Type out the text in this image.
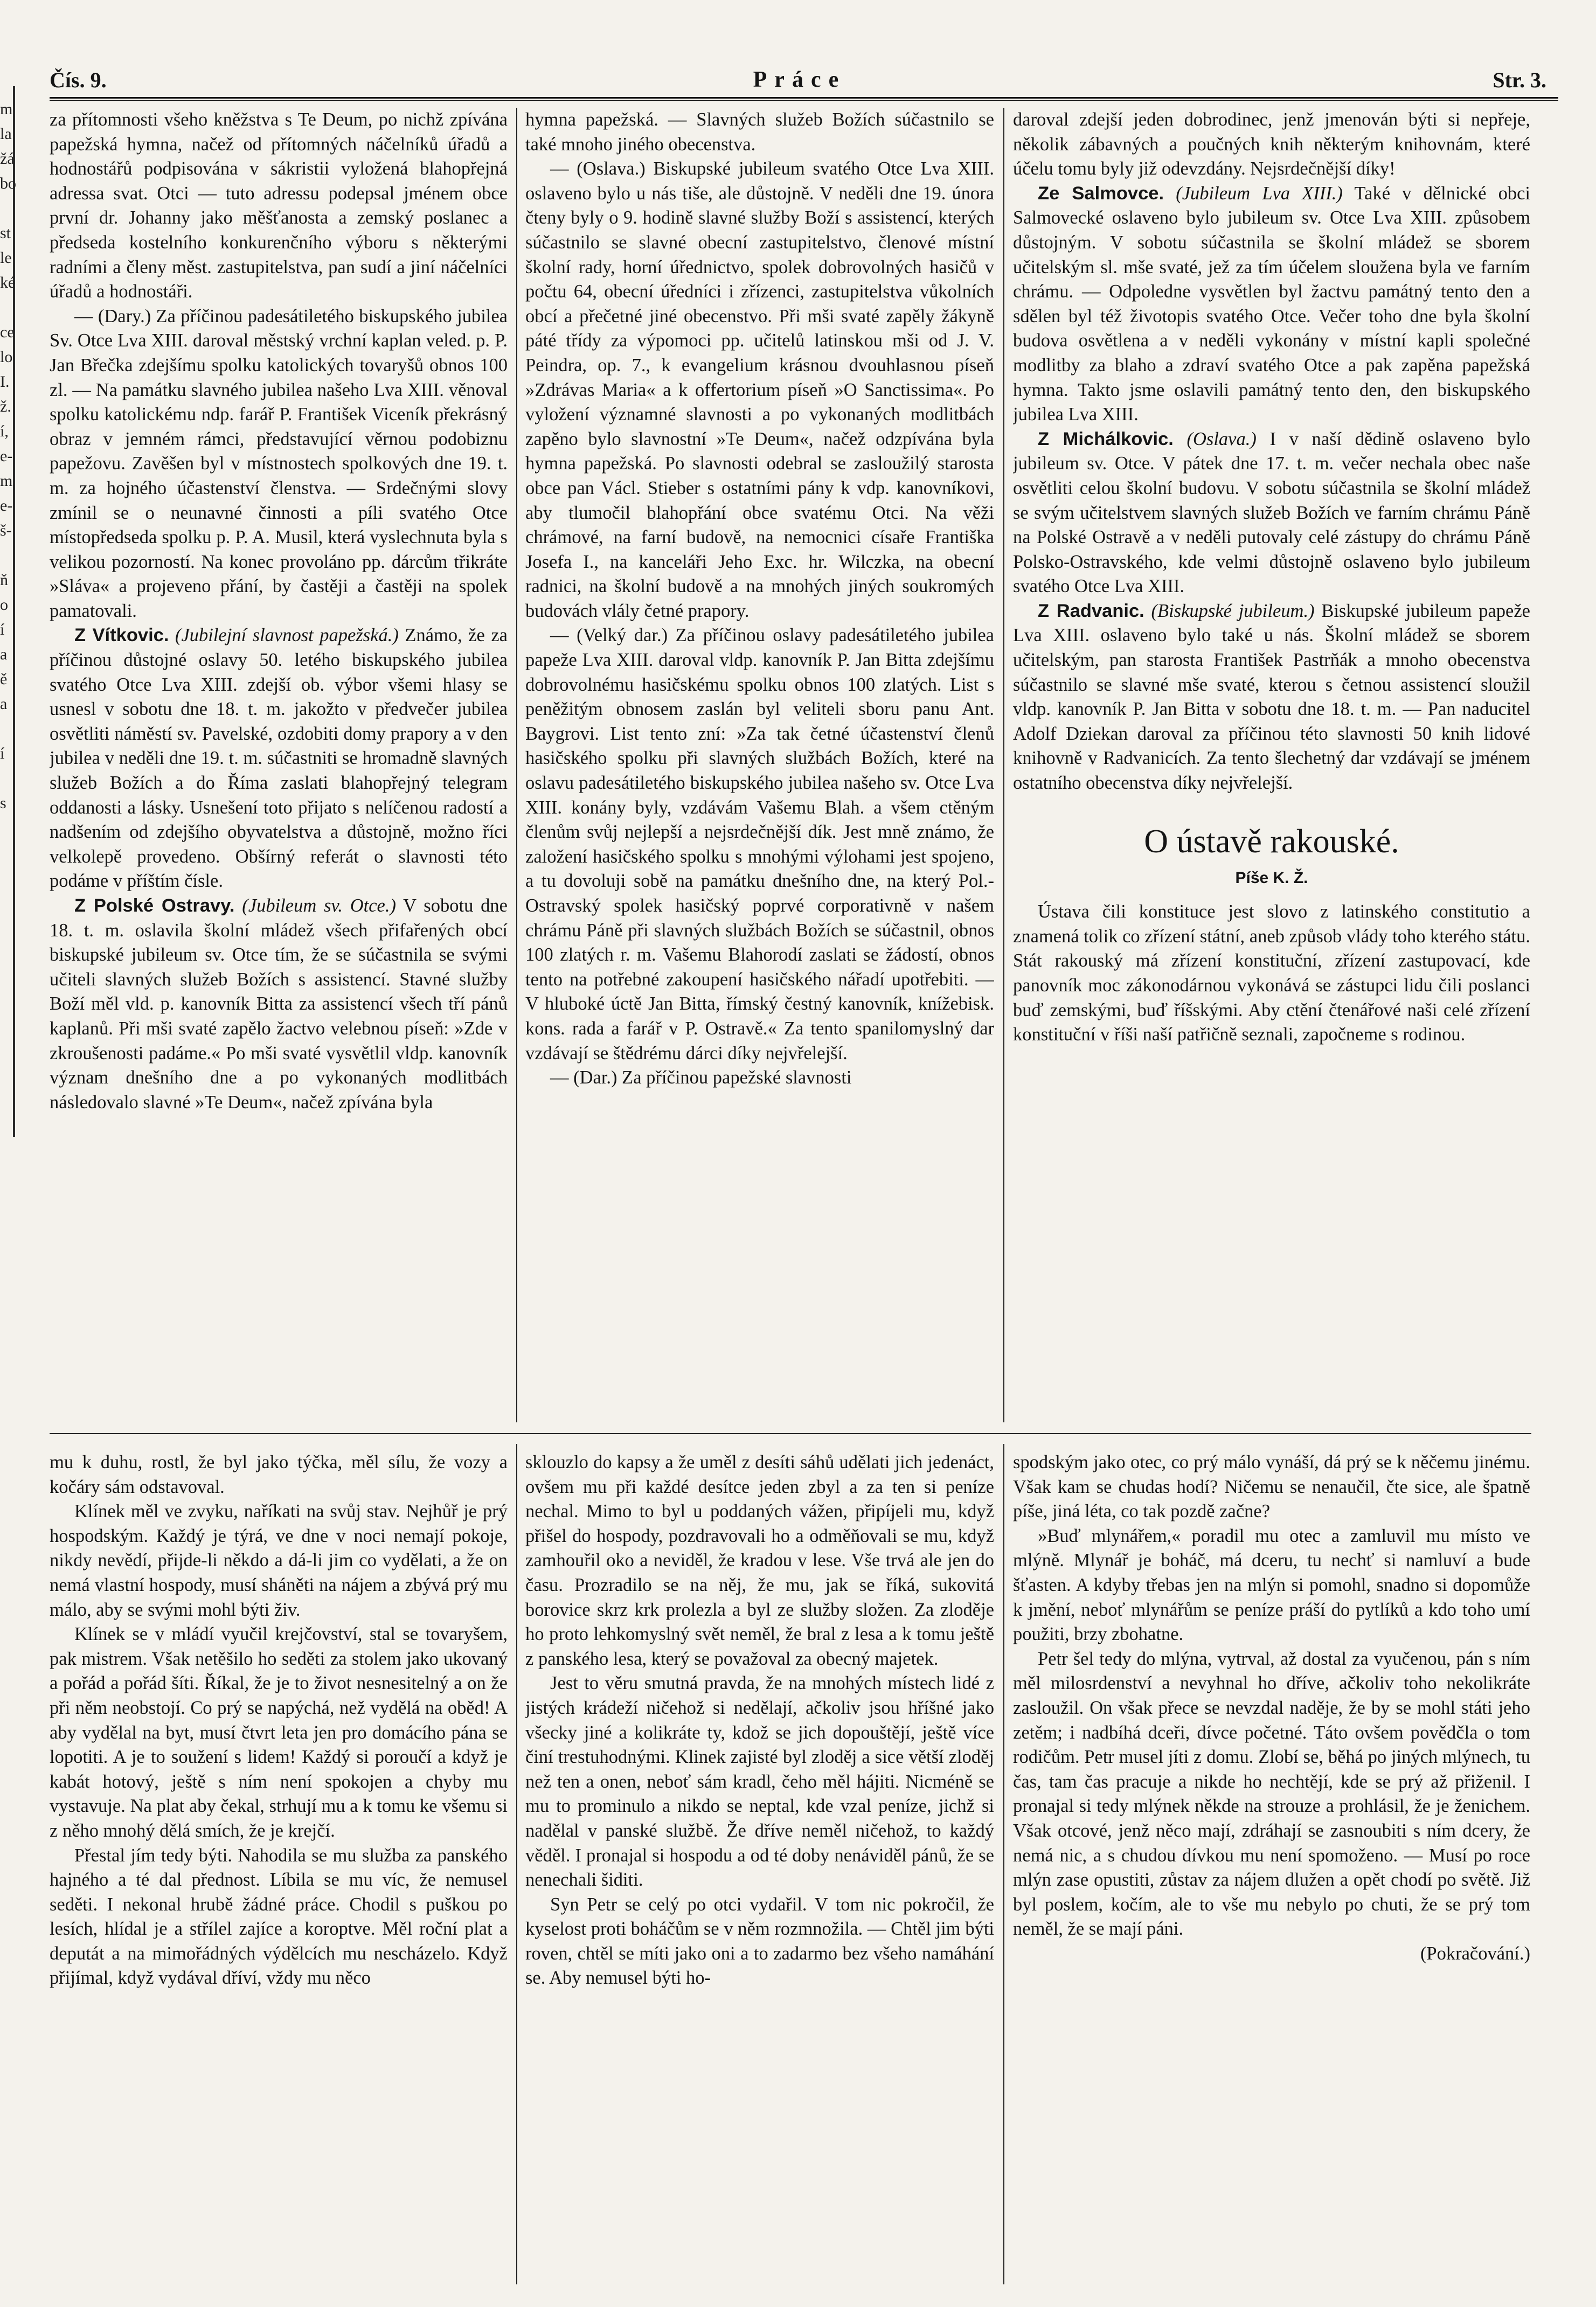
m
la
žá
bo
st
le
ké
ce
lo
I.
ž.
í,
e-
m
e-
š-
ň
o
í
a
ě
a
í
s
Čís. 9.	Práce	Str. 3.

za přítomnosti všeho kněžstva s Te Deum, po nichž zpívána papežská hymna, načež od přítomných náčelníků úřadů a hodnostářů podpisována v sákristii vyložená blahopřejná adressa svat. Otci — tuto adressu podepsal jménem obce první dr. Johanny jako měšťanosta a zemský poslanec a předseda kostelního konkurenčního výboru s některými radními a členy měst. zastupitelstva, pan sudí a jiní náčelníci úřadů a hodnostáři.

— (Dary.) Za příčinou padesátiletého biskupského jubilea Sv. Otce Lva XIII. daroval městský vrchní kaplan veled. p. P. Jan Břečka zdejšímu spolku katolických tovaryšů obnos 100 zl. — Na památku slavného jubilea našeho Lva XIII. věnoval spolku katolickému ndp. farář P. František Viceník překrásný obraz v jemném rámci, představující věrnou podobiznu papežovu. Zavěšen byl v místnostech spolkových dne 19. t. m. za hojného účastenství členstva. — Srdečnými slovy zmínil se o neunavné činnosti a píli svatého Otce místopředseda spolku p. P. A. Musil, která vyslechnuta byla s velikou pozorností. Na konec provoláno pp. dárcům třikráte »Sláva« a projeveno přání, by častěji a častěji na spolek pamatovali.

Z Vítkovic. (Jubilejní slavnost papežská.) Známo, že za příčinou důstojné oslavy 50. letého biskupského jubilea svatého Otce Lva XIII. zdejší ob. výbor všemi hlasy se usnesl v sobotu dne 18. t. m. jakožto v předvečer jubilea osvětliti náměstí sv. Pavelské, ozdobiti domy prapory a v den jubilea v neděli dne 19. t. m. súčastniti se hromadně slavných služeb Božích a do Říma zaslati blahopřejný telegram oddanosti a lásky. Usnešení toto přijato s nelíčenou radostí a nadšením od zdejšího obyvatelstva a důstojně, možno říci velkolepě provedeno. Obšírný referát o slavnosti této podáme v příštím čísle.

Z Polské Ostravy. (Jubileum sv. Otce.) V sobotu dne 18. t. m. oslavila školní mládež všech přifařených obcí biskupské jubileum sv. Otce tím, že se súčastnila se svými učiteli slavných služeb Božích s assistencí. Stavné služby Boží měl vld. p. kanovník Bitta za assistencí všech tří pánů kaplanů. Při mši svaté zapělo žactvo velebnou píseň: »Zde v zkroušenosti padáme.« Po mši svaté vysvětlil vldp. kanovník význam dnešního dne a po vykonaných modlitbách následovalo slavné »Te Deum«, načež zpívána byla

hymna papežská. — Slavných služeb Božích súčastnilo se také mnoho jiného obecenstva.

— (Oslava.) Biskupské jubileum svatého Otce Lva XIII. oslaveno bylo u nás tiše, ale důstojně. V neděli dne 19. února čteny byly o 9. hodině slavné služby Boží s assistencí, kterých súčastnilo se slavné obecní zastupitelstvo, členové místní školní rady, horní úřednictvo, spolek dobrovolných hasičů v počtu 64, obecní úředníci i zřízenci, zastupitelstva vůkolních obcí a přečetné jiné obecenstvo. Při mši svaté zapěly žákyně páté třídy za výpomoci pp. učitelů latinskou mši od J. V. Peindra, op. 7., k evangelium krásnou dvouhlasnou píseň »Zdrávas Maria« a k offertorium píseň »O Sanctissima«. Po vyložení významné slavnosti a po vykonaných modlitbách zapěno bylo slavnostní »Te Deum«, načež odzpívána byla hymna papežská. Po slavnosti odebral se zasloužilý starosta obce pan Václ. Stieber s ostatními pány k vdp. kanovníkovi, aby tlumočil blahopřání obce svatému Otci. Na věži chrámové, na farní budově, na nemocnici císaře Františka Josefa I., na kanceláři Jeho Exc. hr. Wilczka, na obecní radnici, na školní budově a na mnohých jiných soukromých budovách vlály četné prapory.

— (Velký dar.) Za příčinou oslavy padesátiletého jubilea papeže Lva XIII. daroval vldp. kanovník P. Jan Bitta zdejšímu dobrovolnému hasičskému spolku obnos 100 zlatých. List s peněžitým obnosem zaslán byl veliteli sboru panu Ant. Baygrovi. List tento zní: »Za tak četné účastenství členů hasičského spolku při slavných službách Božích, které na oslavu padesátiletého biskupského jubilea našeho sv. Otce Lva XIII. konány byly, vzdávám Vašemu Blah. a všem ctěným členům svůj nejlepší a nejsrdečnější dík. Jest mně známo, že založení hasičského spolku s mnohými výlohami jest spojeno, a tu dovoluji sobě na památku dnešního dne, na který Pol.-Ostravský spolek hasičský poprvé corporativně v našem chrámu Páně při slavných službách Božích se súčastnil, obnos 100 zlatých r. m. Vašemu Blahorodí zaslati se žádostí, obnos tento na potřebné zakoupení hasičského nářadí upotřebiti. — V hluboké úctě Jan Bitta, římský čestný kanovník, knížebisk. kons. rada a farář v P. Ostravě.« Za tento spanilomyslný dar vzdávají se štědrému dárci díky nejvřelejší.

— (Dar.) Za příčinou papežské slavnosti

daroval zdejší jeden dobrodinec, jenž jmenován býti si nepřeje, několik zábavných a poučných knih některým knihovnám, které účelu tomu byly již odevzdány. Nejsrdečnější díky!

Ze Salmovce. (Jubileum Lva XIII.) Také v dělnické obci Salmovecké oslaveno bylo jubileum sv. Otce Lva XIII. způsobem důstojným. V sobotu súčastnila se školní mládež se sborem učitelským sl. mše svaté, jež za tím účelem sloužena byla ve farním chrámu. — Odpoledne vysvětlen byl žactvu památný tento den a sdělen byl též životopis svatého Otce. Večer toho dne byla školní budova osvětlena a v neděli vykonány v místní kapli společné modlitby za blaho a zdraví svatého Otce a pak zapěna papežská hymna. Takto jsme oslavili památný tento den, den biskupského jubilea Lva XIII.

Z Michálkovic. (Oslava.) I v naší dědině oslaveno bylo jubileum sv. Otce. V pátek dne 17. t. m. večer nechala obec naše osvětliti celou školní budovu. V sobotu súčastnila se školní mládež se svým učitelstvem slavných služeb Božích ve farním chrámu Páně na Polské Ostravě a v neděli putovaly celé zástupy do chrámu Páně Polsko-Ostravského, kde velmi důstojně oslaveno bylo jubileum svatého Otce Lva XIII.

Z Radvanic. (Biskupské jubileum.) Biskupské jubileum papeže Lva XIII. oslaveno bylo také u nás. Školní mládež se sborem učitelským, pan starosta František Pastrňák a mnoho obecenstva súčastnilo se slavné mše svaté, kterou s četnou assistencí sloužil vldp. kanovník P. Jan Bitta v sobotu dne 18. t. m. — Pan naducitel Adolf Dziekan daroval za příčinou této slavnosti 50 knih lidové knihovně v Radvanicích. Za tento šlechetný dar vzdávají se jménem ostatního obecenstva díky nejvřelejší.

O ústavě rakouské.
Píše K. Ž.

Ústava čili konstituce jest slovo z latinského constitutio a znamená tolik co zřízení státní, aneb způsob vlády toho kterého státu. Stát rakouský má zřízení konstituční, zřízení zastupovací, kde panovník moc zákonodárnou vykonává se zástupci lidu čili poslanci buď zemskými, buď říšskými. Aby ctění čtenářové naši celé zřízení konstituční v říši naší patřičně seznali, započneme s rodinou.

mu k duhu, rostl, že byl jako týčka, měl sílu, že vozy a kočáry sám odstavoval.

Klínek měl ve zvyku, naříkati na svůj stav. Nejhůř je prý hospodským. Každý je týrá, ve dne v noci nemají pokoje, nikdy nevědí, přijde-li někdo a dá-li jim co vydělati, a že on nemá vlastní hospody, musí sháněti na nájem a zbývá prý mu málo, aby se svými mohl býti živ.

Klínek se v mládí vyučil krejčovství, stal se tovaryšem, pak mistrem. Však netěšilo ho seděti za stolem jako ukovaný a pořád a pořád šíti. Říkal, že je to život nesnesitelný a on že při něm neobstojí. Co prý se napýchá, než vydělá na oběd! A aby vydělal na byt, musí čtvrt leta jen pro domácího pána se lopotiti. A je to soužení s lidem! Každý si poroučí a když je kabát hotový, ještě s ním není spokojen a chyby mu vystavuje. Na plat aby čekal, strhují mu a k tomu ke všemu si z něho mnohý dělá smích, že je krejčí.

Přestal jím tedy býti. Nahodila se mu služba za panského hajného a té dal přednost. Líbila se mu víc, že nemusel seděti. I nekonal hrubě žádné práce. Chodil s puškou po lesích, hlídal je a střílel zajíce a koroptve. Měl roční plat a deputát a na mimořádných výdělcích mu nescházelo. Když přijímal, když vydával dříví, vždy mu něco

sklouzlo do kapsy a že uměl z desíti sáhů udělati jich jedenáct, ovšem mu při každé desítce jeden zbyl a za ten si peníze nechal. Mimo to byl u poddaných vážen, připíjeli mu, když přišel do hospody, pozdravovali ho a odměňovali se mu, když zamhouřil oko a neviděl, že kradou v lese. Vše trvá ale jen do času. Prozradilo se na něj, že mu, jak se říká, sukovitá borovice skrz krk prolezla a byl ze služby složen. Za zloděje ho proto lehkomyslný svět neměl, že bral z lesa a k tomu ještě z panského lesa, který se považoval za obecný majetek.

Jest to věru smutná pravda, že na mnohých místech lidé z jistých krádeží ničehož si nedělají, ačkoliv jsou hříšné jako všecky jiné a kolikráte ty, kdož se jich dopouštějí, ještě více činí trestuhodnými. Klinek zajisté byl zloděj a sice větší zloděj než ten a onen, neboť sám kradl, čeho měl hájiti. Nicméně se mu to prominulo a nikdo se neptal, kde vzal peníze, jichž si nadělal v panské službě. Že dříve neměl ničehož, to každý věděl. I pronajal si hospodu a od té doby nenáviděl pánů, že se nenechali šiditi.

Syn Petr se celý po otci vydařil. V tom nic pokročil, že kyselost proti boháčům se v něm rozmnožila. — Chtěl jim býti roven, chtěl se míti jako oni a to zadarmo bez všeho namáhání se. Aby nemusel býti ho-

spodským jako otec, co prý málo vynáší, dá prý se k něčemu jinému. Však kam se chudas hodí? Ničemu se nenaučil, čte sice, ale špatně píše, jiná léta, co tak pozdě začne?

»Buď mlynářem,« poradil mu otec a zamluvil mu místo ve mlýně. Mlynář je boháč, má dceru, tu nechť si namluví a bude šťasten. A kdyby třebas jen na mlýn si pomohl, snadno si dopomůže k jmění, neboť mlynářům se peníze práší do pytlíků a kdo toho umí použiti, brzy zbohatne.

Petr šel tedy do mlýna, vytrval, až dostal za vyučenou, pán s ním měl milosrdenství a nevyhnal ho dříve, ačkoliv toho nekolikráte zasloužil. On však přece se nevzdal naděje, že by se mohl státi jeho zetěm; i nadbíhá dceři, dívce početné. Táto ovšem povědčla o tom rodičům. Petr musel jíti z domu. Zlobí se, běhá po jiných mlýnech, tu čas, tam čas pracuje a nikde ho nechtějí, kde se prý až přiženil. I pronajal si tedy mlýnek někde na strouze a prohlásil, že je ženichem. Však otcové, jenž něco mají, zdráhají se zasnoubiti s ním dcery, že nemá nic, a s chudou dívkou mu není spomoženo. — Musí po roce mlýn zase opustiti, zůstav za nájem dlužen a opět chodí po světě. Již byl poslem, kočím, ale to vše mu nebylo po chuti, že se prý tom neměl, že se mají páni.

(Pokračování.)
